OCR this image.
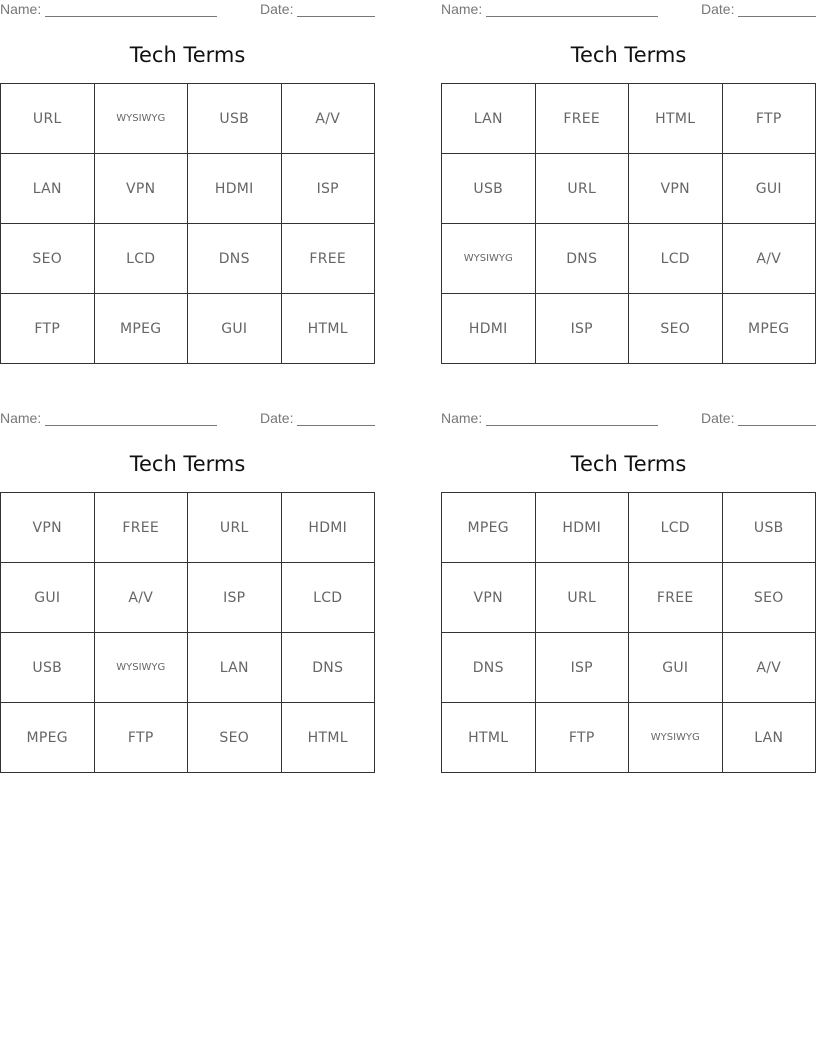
Name:	Date:
Tech Terms
URL	WYSIWYG	USB	A/V
LAN	VPN	HDMI	ISP
SEO	LCD	DNS	FREE
FTP	MPEG	GUI	HTML
Name:	Date:
Tech Terms
LAN	FREE	HTML	FTP
USB	URL	VPN	GUI
WYSIWYG	DNS	LCD	A/V
HDMI	ISP	SEO	MPEG
Name:	Date:
Tech Terms
VPN	FREE	URL	HDMI
GUI	A/V	ISP	LCD
USB	WYSIWYG	LAN	DNS
MPEG	FTP	SEO	HTML
Name:	Date:
Tech Terms
MPEG	HDMI	LCD	USB
VPN	URL	FREE	SEO
DNS	ISP	GUI	A/V
HTML	FTP	WYSIWYG	LAN
